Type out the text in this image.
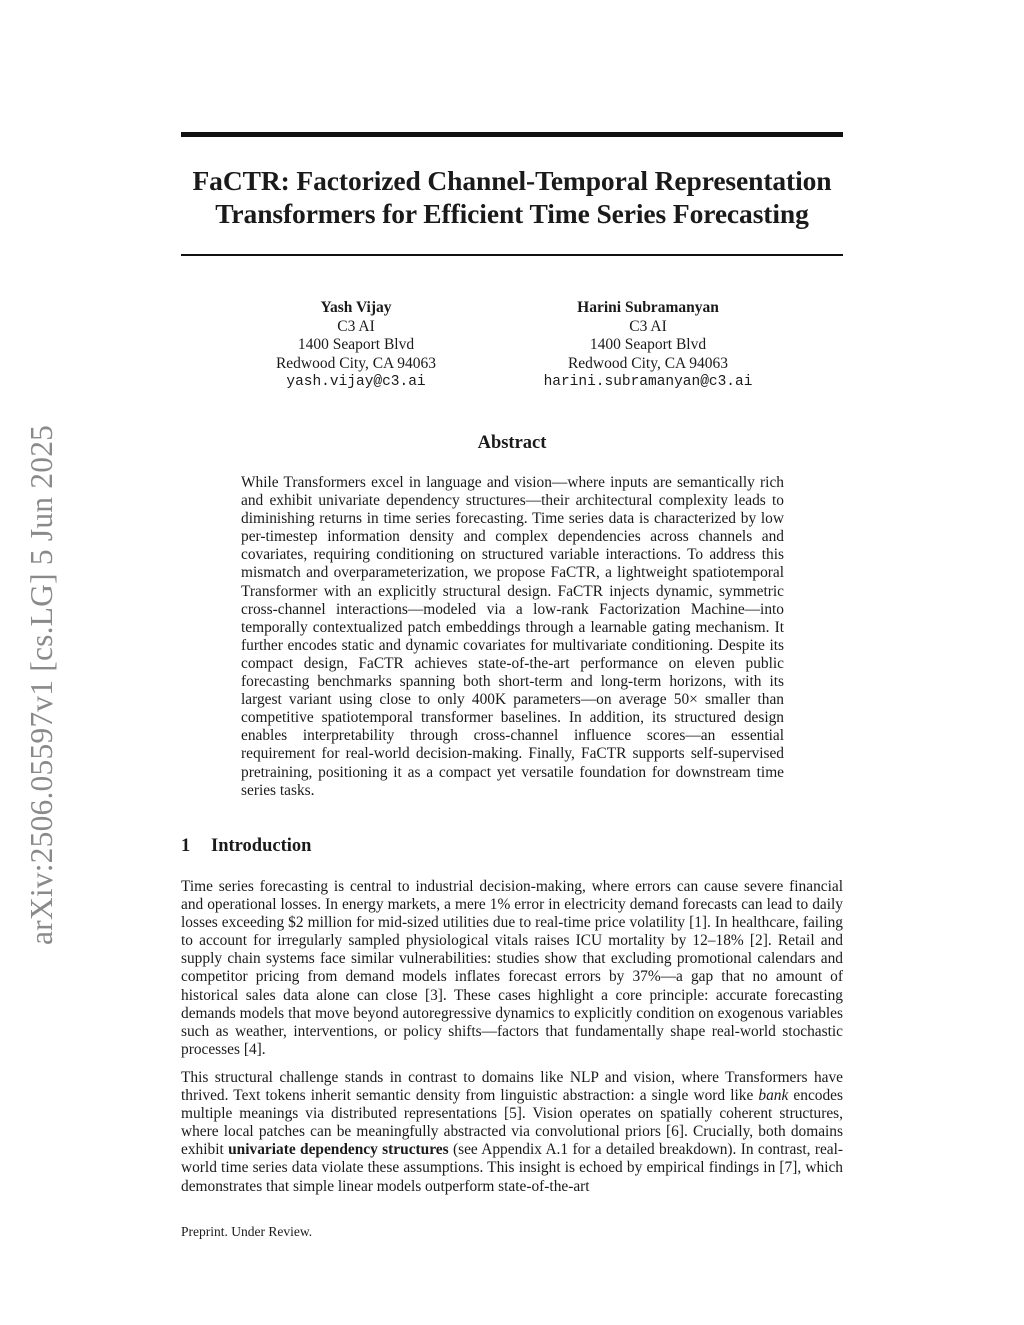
arXiv:2506.05597v1 [cs.LG] 5 Jun 2025
FaCTR: Factorized Channel-Temporal Representation
Transformers for Efficient Time Series Forecasting
Yash Vijay
C3 AI
1400 Seaport Blvd
Redwood City, CA 94063
yash.vijay@c3.ai
Harini Subramanyan
C3 AI
1400 Seaport Blvd
Redwood City, CA 94063
harini.subramanyan@c3.ai
Abstract
While Transformers excel in language and vision—where inputs are semantically rich and exhibit univariate dependency structures—their architectural complexity leads to diminishing returns in time series forecasting. Time series data is characterized by low per-timestep information density and complex dependencies across channels and covariates, requiring conditioning on structured variable interactions. To address this mismatch and overparameterization, we propose FaCTR, a lightweight spatiotemporal Transformer with an explicitly structural design. FaCTR injects dynamic, symmetric cross-channel interactions—modeled via a low-rank Factorization Machine—into temporally contextualized patch embeddings through a learnable gating mechanism. It further encodes static and dynamic covariates for multivariate conditioning. Despite its compact design, FaCTR achieves state-of-the-art performance on eleven public forecasting benchmarks spanning both short-term and long-term horizons, with its largest variant using close to only 400K parameters—on average 50× smaller than competitive spatiotemporal transformer baselines. In addition, its structured design enables interpretability through cross-channel influence scores—an essential requirement for real-world decision-making. Finally, FaCTR supports self-supervised pretraining, positioning it as a compact yet versatile foundation for downstream time series tasks.
1 Introduction
Time series forecasting is central to industrial decision-making, where errors can cause severe financial and operational losses. In energy markets, a mere 1% error in electricity demand forecasts can lead to daily losses exceeding $2 million for mid-sized utilities due to real-time price volatility [1]. In healthcare, failing to account for irregularly sampled physiological vitals raises ICU mortality by 12–18% [2]. Retail and supply chain systems face similar vulnerabilities: studies show that excluding promotional calendars and competitor pricing from demand models inflates forecast errors by 37%—a gap that no amount of historical sales data alone can close [3]. These cases highlight a core principle: accurate forecasting demands models that move beyond autoregressive dynamics to explicitly condition on exogenous variables such as weather, interventions, or policy shifts—factors that fundamentally shape real-world stochastic processes [4].
This structural challenge stands in contrast to domains like NLP and vision, where Transformers have thrived. Text tokens inherit semantic density from linguistic abstraction: a single word like bank encodes multiple meanings via distributed representations [5]. Vision operates on spatially coherent structures, where local patches can be meaningfully abstracted via convolutional priors [6]. Crucially, both domains exhibit univariate dependency structures (see Appendix A.1 for a detailed breakdown). In contrast, real-world time series data violate these assumptions. This insight is echoed by empirical findings in [7], which demonstrates that simple linear models outperform state-of-the-art
Preprint. Under Review.
